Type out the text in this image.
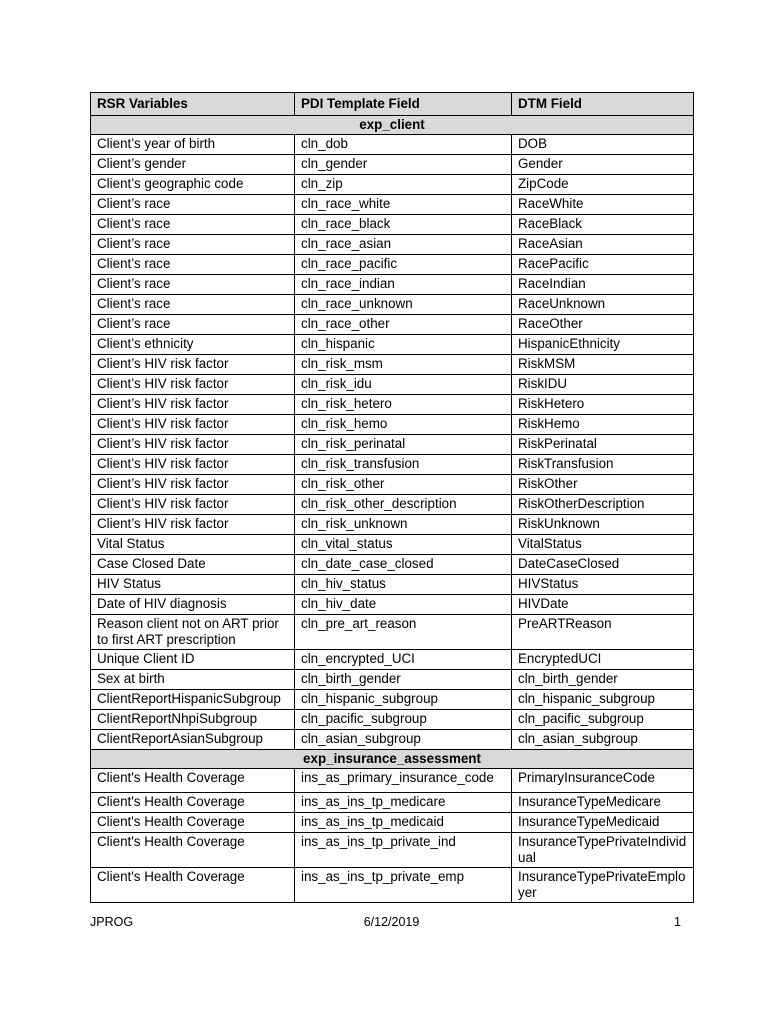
RSR Variables	PDI Template Field	DTM Field
exp_client		
Client’s year of birth	cln_dob	DOB
Client’s gender	cln_gender	Gender
Client’s geographic code	cln_zip	ZipCode
Client’s race	cln_race_white	RaceWhite
Client’s race	cln_race_black	RaceBlack
Client’s race	cln_race_asian	RaceAsian
Client’s race	cln_race_pacific	RacePacific
Client’s race	cln_race_indian	RaceIndian
Client’s race	cln_race_unknown	RaceUnknown
Client’s race	cln_race_other	RaceOther
Client’s ethnicity	cln_hispanic	HispanicEthnicity
Client’s HIV risk factor	cln_risk_msm	RiskMSM
Client’s HIV risk factor	cln_risk_idu	RiskIDU
Client’s HIV risk factor	cln_risk_hetero	RiskHetero
Client’s HIV risk factor	cln_risk_hemo	RiskHemo
Client’s HIV risk factor	cln_risk_perinatal	RiskPerinatal
Client’s HIV risk factor	cln_risk_transfusion	RiskTransfusion
Client’s HIV risk factor	cln_risk_other	RiskOther
Client’s HIV risk factor	cln_risk_other_description	RiskOtherDescription
Client’s HIV risk factor	cln_risk_unknown	RiskUnknown
Vital Status	cln_vital_status	VitalStatus
Case Closed Date	cln_date_case_closed	DateCaseClosed
HIV Status	cln_hiv_status	HIVStatus
Date of HIV diagnosis	cln_hiv_date	HIVDate
Reason client not on ART prior to first ART prescription	cln_pre_art_reason	PreARTReason
Unique Client ID	cln_encrypted_UCI	EncryptedUCI
Sex at birth	cln_birth_gender	cln_birth_gender
ClientReportHispanicSubgroup	cln_hispanic_subgroup	cln_hispanic_subgroup
ClientReportNhpiSubgroup	cln_pacific_subgroup	cln_pacific_subgroup
ClientReportAsianSubgroup	cln_asian_subgroup	cln_asian_subgroup
exp_insurance_assessment		
Client's Health Coverage	ins_as_primary_insurance_code	PrimaryInsuranceCode
Client's Health Coverage	ins_as_ins_tp_medicare	InsuranceTypeMedicare
Client's Health Coverage	ins_as_ins_tp_medicaid	InsuranceTypeMedicaid
Client's Health Coverage	ins_as_ins_tp_private_ind	InsuranceTypePrivateIndividual
Client's Health Coverage	ins_as_ins_tp_private_emp	InsuranceTypePrivateEmployer
JPROG	6/12/2019	1
